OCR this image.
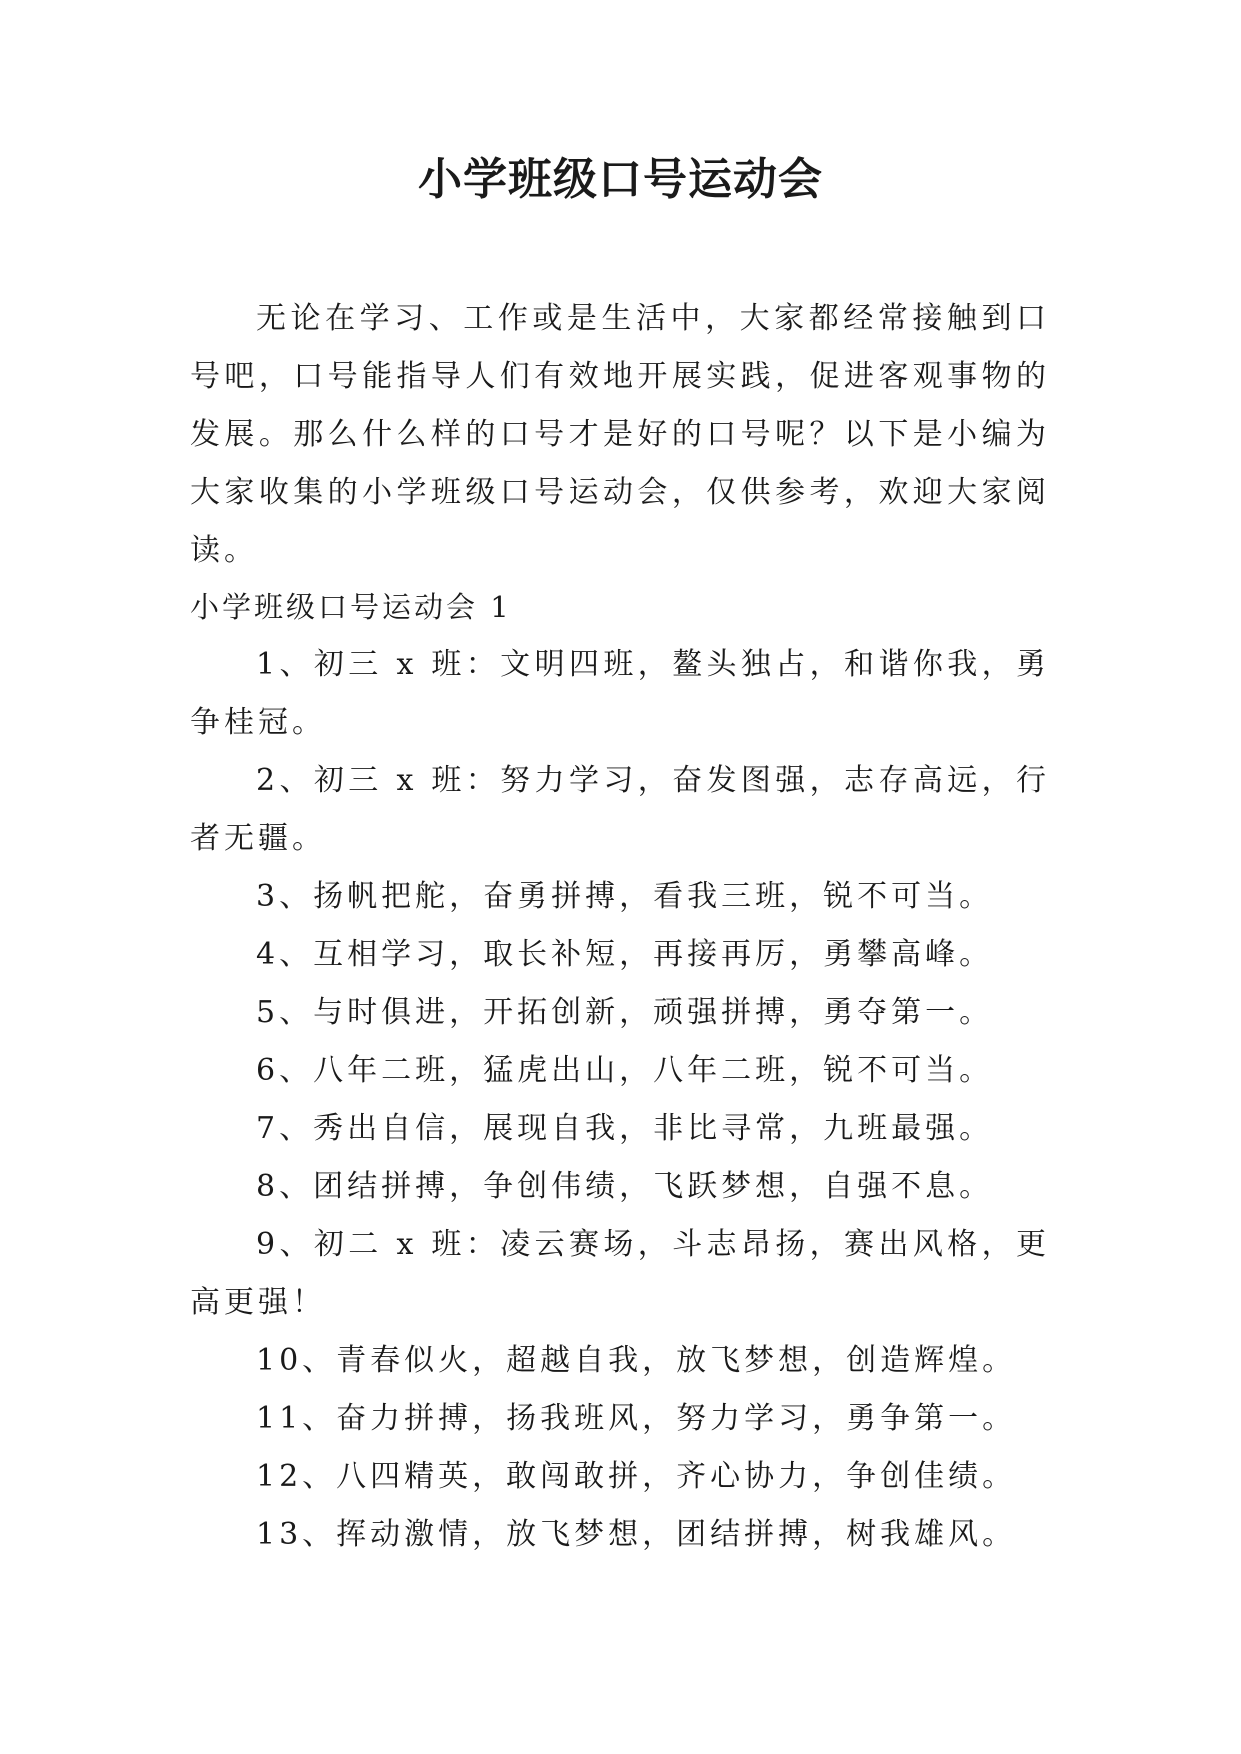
小学班级口号运动会

无论在学习、工作或是生活中，大家都经常接触到口号吧，口号能指导人们有效地开展实践，促进客观事物的发展。那么什么样的口号才是好的口号呢？以下是小编为大家收集的小学班级口号运动会，仅供参考，欢迎大家阅读。

小学班级口号运动会 1

1、初三 x 班：文明四班，鳌头独占，和谐你我，勇争桂冠。
2、初三 x 班：努力学习，奋发图强，志存高远，行者无疆。
3、扬帆把舵，奋勇拼搏，看我三班，锐不可当。
4、互相学习，取长补短，再接再厉，勇攀高峰。
5、与时俱进，开拓创新，顽强拼搏，勇夺第一。
6、八年二班，猛虎出山，八年二班，锐不可当。
7、秀出自信，展现自我，非比寻常，九班最强。
8、团结拼搏，争创伟绩，飞跃梦想，自强不息。
9、初二 x 班：凌云赛场，斗志昂扬，赛出风格，更高更强！
10、青春似火，超越自我，放飞梦想，创造辉煌。
11、奋力拼搏，扬我班风，努力学习，勇争第一。
12、八四精英，敢闯敢拼，齐心协力，争创佳绩。
13、挥动激情，放飞梦想，团结拼搏，树我雄风。
